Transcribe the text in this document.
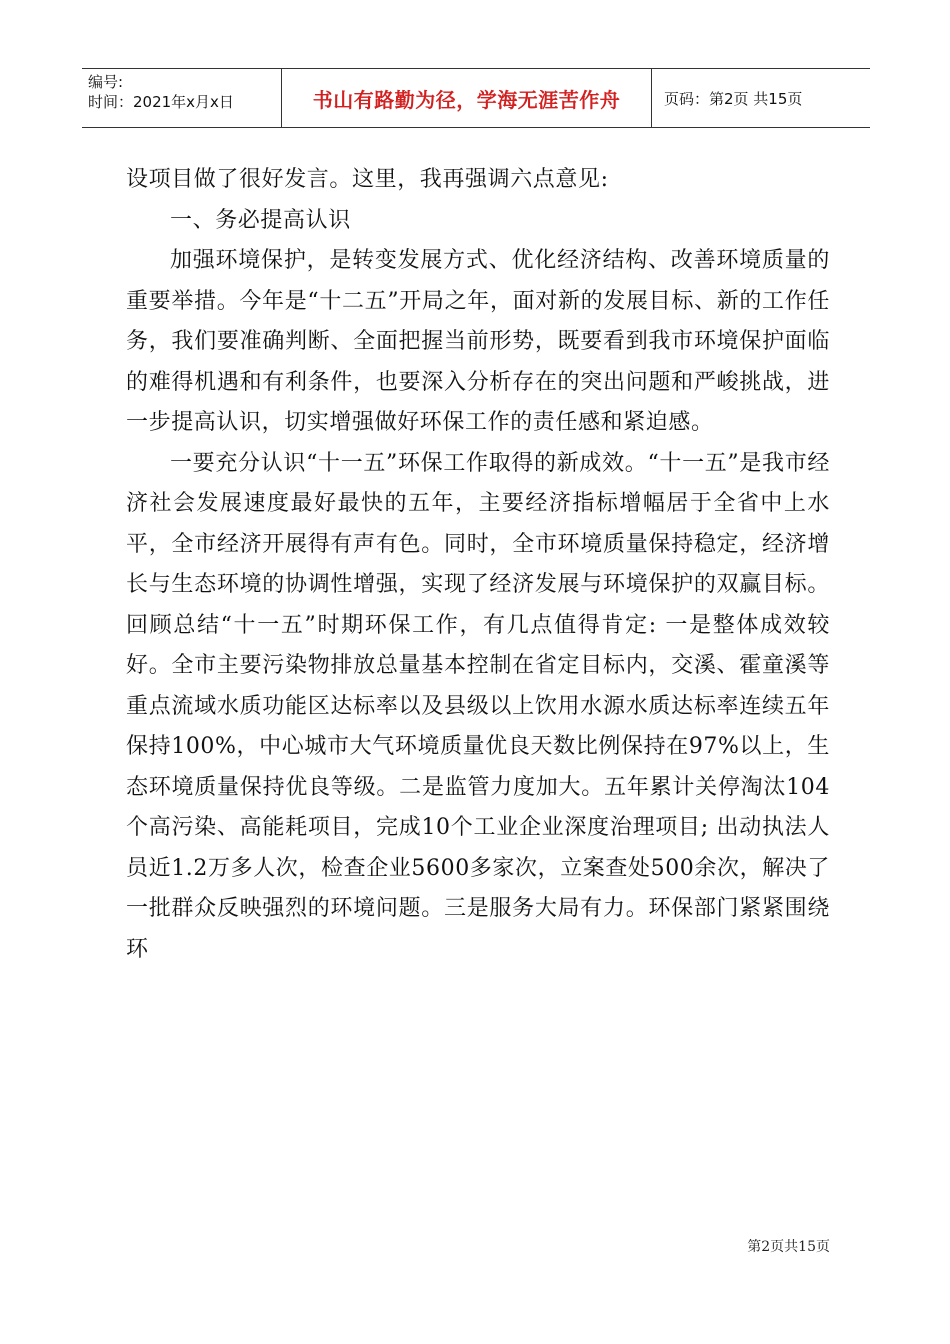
编号:
时间：2021年x月x日	书山有路勤为径，学海无涯苦作舟	页码：第2页 共15页

设项目做了很好发言。这里，我再强调六点意见:

一、务必提高认识

加强环境保护，是转变发展方式、优化经济结构、改善环境质量的重要举措。今年是“十二五”开局之年，面对新的发展目标、新的工作任务，我们要准确判断、全面把握当前形势，既要看到我市环境保护面临的难得机遇和有利条件，也要深入分析存在的突出问题和严峻挑战，进一步提高认识，切实增强做好环保工作的责任感和紧迫感。

一要充分认识“十一五”环保工作取得的新成效。“十一五”是我市经济社会发展速度最好最快的五年，主要经济指标增幅居于全省中上水平，全市经济开展得有声有色。同时，全市环境质量保持稳定，经济增长与生态环境的协调性增强，实现了经济发展与环境保护的双赢目标。回顾总结“十一五”时期环保工作，有几点值得肯定: 一是整体成效较好。全市主要污染物排放总量基本控制在省定目标内，交溪、霍童溪等重点流域水质功能区达标率以及县级以上饮用水源水质达标率连续五年保持100%，中心城市大气环境质量优良天数比例保持在97%以上，生态环境质量保持优良等级。二是监管力度加大。五年累计关停淘汰104个高污染、高能耗项目，完成10个工业企业深度治理项目; 出动执法人员近1.2万多人次，检查企业5600多家次，立案查处500余次，解决了一批群众反映强烈的环境问题。三是服务大局有力。环保部门紧紧围绕环

第2页共15页
